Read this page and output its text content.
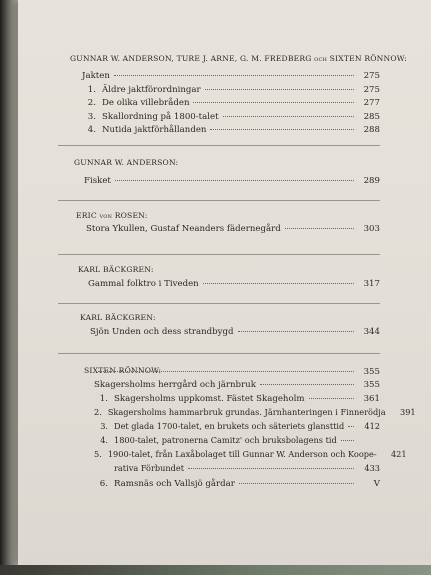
GUNNAR W. ANDERSON, TURE J. ARNE, G. M. FREDBERG och SIXTEN RÖNNOW:
Jakten	275
1. Äldre jaktförordningar	275
2. De olika villebråden	277
3. Skallordning på 1800-talet	285
4. Nutida jaktförhållanden	288
GUNNAR W. ANDERSON:
Fisket	289
ERIC von ROSEN:
Stora Ykullen, Gustaf Neanders fädernegård	303
KARL BÄCKGREN:
Gammal folktro i Tiveden	317
KARL BÄCKGREN:
Sjön Unden och dess strandbygd	344
SIXTEN RÖNNOW:	355
Skagersholms herrgård och järnbruk	355
1. Skagersholms uppkomst. Fästet Skageholm	361
2. Skagersholms hammarbruk grundas. Järnhanteringen i Finnerödja	391
3. Det glada 1700-talet, en brukets och säteriets glansttid	412
4. 1800-talet, patronerna Camitz' och bruksbolagens tid
5. 1900-talet, från Laxåbolaget till Gunnar W. Anderson och Koope-	421
rativa Förbundet	433
6. Ramsnäs och Vallsjö gårdar	V
